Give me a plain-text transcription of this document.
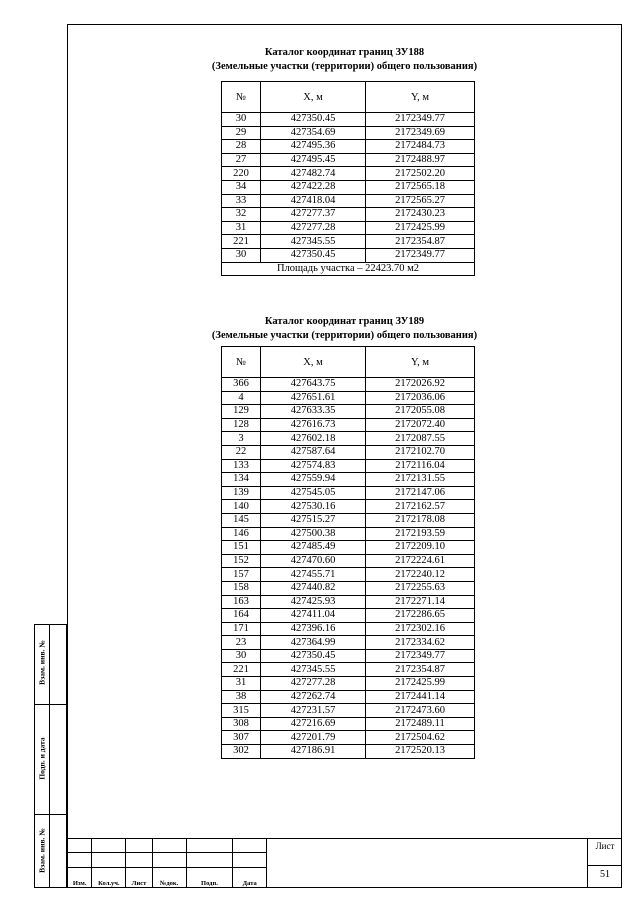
Каталог координат границ ЗУ188
(Земельные участки (территории) общего пользования)
№	X, м	Y, м
30	427350.45	2172349.77
29	427354.69	2172349.69
28	427495.36	2172484.73
27	427495.45	2172488.97
220	427482.74	2172502.20
34	427422.28	2172565.18
33	427418.04	2172565.27
32	427277.37	2172430.23
31	427277.28	2172425.99
221	427345.55	2172354.87
30	427350.45	2172349.77
Площадь участка – 22423.70 м2		
Каталог координат границ ЗУ189
(Земельные участки (территории) общего пользования)
№	X, м	Y, м
366	427643.75	2172026.92
4	427651.61	2172036.06
129	427633.35	2172055.08
128	427616.73	2172072.40
3	427602.18	2172087.55
22	427587.64	2172102.70
133	427574.83	2172116.04
134	427559.94	2172131.55
139	427545.05	2172147.06
140	427530.16	2172162.57
145	427515.27	2172178.08
146	427500.38	2172193.59
151	427485.49	2172209.10
152	427470.60	2172224.61
157	427455.71	2172240.12
158	427440.82	2172255.63
163	427425.93	2172271.14
164	427411.04	2172286.65
171	427396.16	2172302.16
23	427364.99	2172334.62
30	427350.45	2172349.77
221	427345.55	2172354.87
31	427277.28	2172425.99
38	427262.74	2172441.14
315	427231.57	2172473.60
308	427216.69	2172489.11
307	427201.79	2172504.62
302	427186.91	2172520.13
Взам. инв. №
Подп. и дата
Взам. инв. №

Изм.	Кол.уч.	Лист	№док.	Подп.	Дата
Лист
51
